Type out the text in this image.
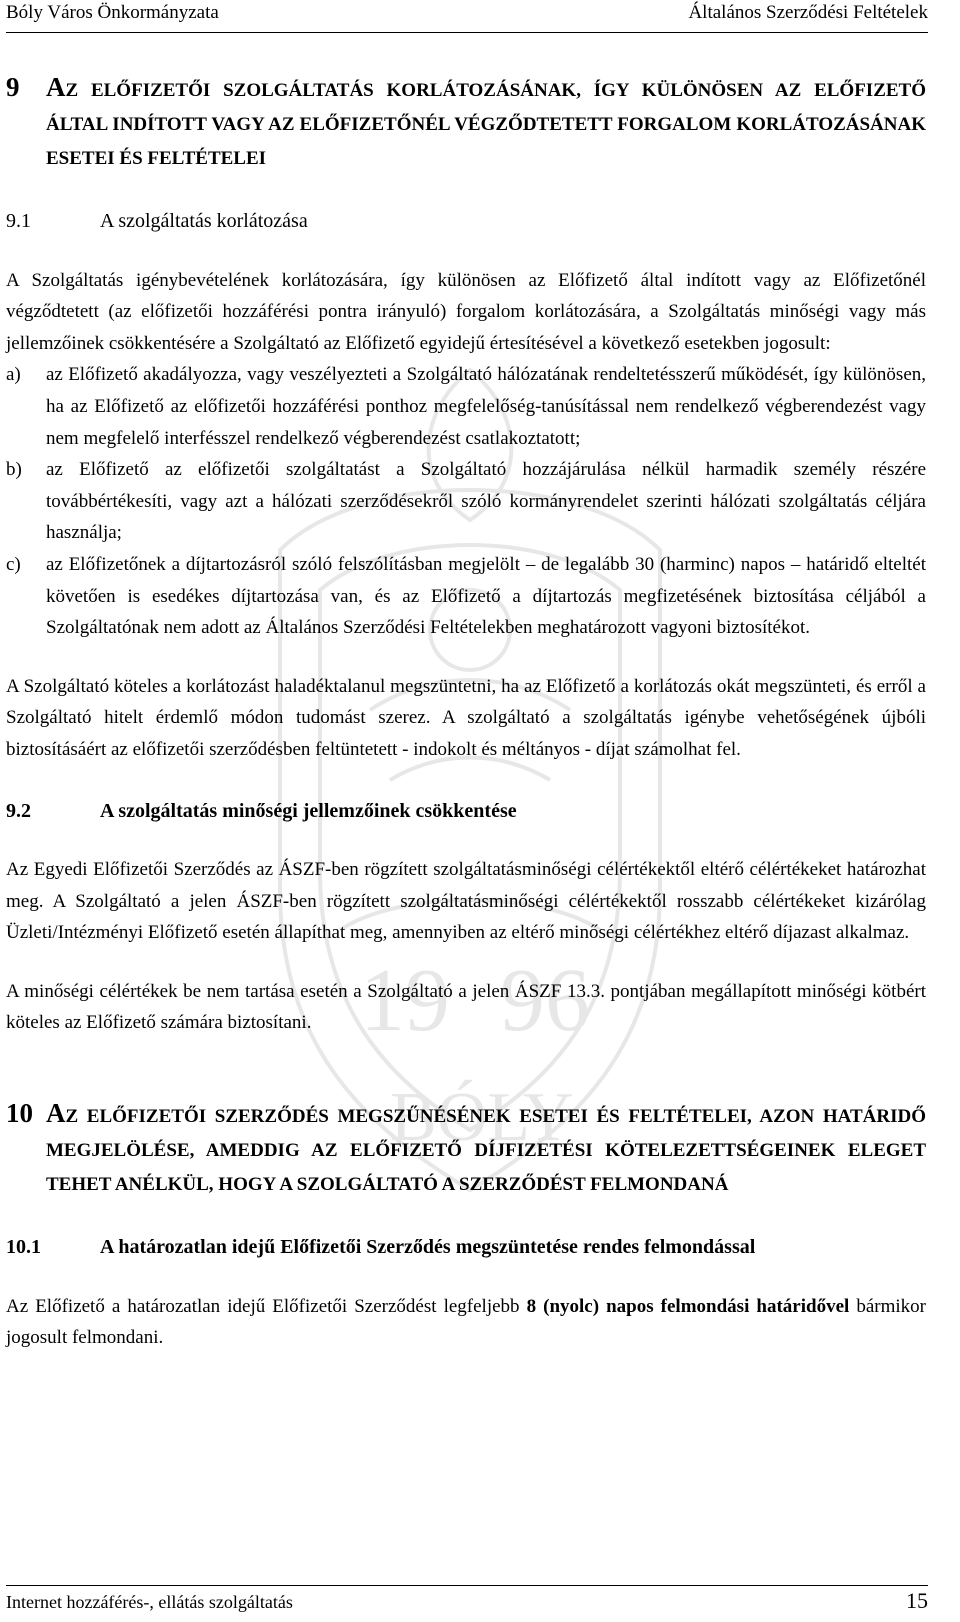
19 96
BÓLY
Bóly Város Önkormányzata	Általános Szerződési Feltételek
9	AZ ELŐFIZETŐI SZOLGÁLTATÁS KORLÁTOZÁSÁNAK, ÍGY KÜLÖNÖSEN AZ ELŐFIZETŐ ÁLTAL INDÍTOTT VAGY AZ ELŐFIZETŐNÉL VÉGZŐDTETETT FORGALOM KORLÁTOZÁSÁNAK ESETEI ÉS FELTÉTELEI
9.1	A szolgáltatás korlátozása

A Szolgáltatás igénybevételének korlátozására, így különösen az Előfizető által indított vagy az Előfizetőnél végződtetett (az előfizetői hozzáférési pontra irányuló) forgalom korlátozására, a Szolgáltatás minőségi vagy más jellemzőinek csökkentésére a Szolgáltató az Előfizető egyidejű értesítésével a következő esetekben jogosult:

a)	az Előfizető akadályozza, vagy veszélyezteti a Szolgáltató hálózatának rendeltetésszerű működését, így különösen, ha az Előfizető az előfizetői hozzáférési ponthoz megfelelőség-tanúsítással nem rendelkező végberendezést vagy nem megfelelő interfésszel rendelkező végberendezést csatlakoztatott;
b)	az Előfizető az előfizetői szolgáltatást a Szolgáltató hozzájárulása nélkül harmadik személy részére továbbértékesíti, vagy azt a hálózati szerződésekről szóló kormányrendelet szerinti hálózati szolgáltatás céljára használja;
c)	az Előfizetőnek a díjtartozásról szóló felszólításban megjelölt – de legalább 30 (harminc) napos – határidő elteltét követően is esedékes díjtartozása van, és az Előfizető a díjtartozás megfizetésének biztosítása céljából a Szolgáltatónak nem adott az Általános Szerződési Feltételekben meghatározott vagyoni biztosítékot.

A Szolgáltató köteles a korlátozást haladéktalanul megszüntetni, ha az Előfizető a korlátozás okát megszünteti, és erről a Szolgáltató hitelt érdemlő módon tudomást szerez. A szolgáltató a szolgáltatás igénybe vehetőségének újbóli biztosításáért az előfizetői szerződésben feltüntetett - indokolt és méltányos - díjat számolhat fel.

9.2	A szolgáltatás minőségi jellemzőinek csökkentése

Az Egyedi Előfizetői Szerződés az ÁSZF-ben rögzített szolgáltatásminőségi célértékektől eltérő célértékeket határozhat meg. A Szolgáltató a jelen ÁSZF-ben rögzített szolgáltatásminőségi célértékektől rosszabb célértékeket kizárólag Üzleti/Intézményi Előfizető esetén állapíthat meg, amennyiben az eltérő minőségi célértékhez eltérő díjazast alkalmaz.

A minőségi célértékek be nem tartása esetén a Szolgáltató a jelen ÁSZF 13.3. pontjában megállapított minőségi kötbért köteles az Előfizető számára biztosítani.

10 AZ ELŐFIZETŐI SZERZŐDÉS MEGSZŰNÉSÉNEK ESETEI ÉS FELTÉTELEI, AZON HATÁRIDŐ MEGJELÖLÉSE, AMEDDIG AZ ELŐFIZETŐ DÍJFIZETÉSI KÖTELEZETTSÉGEINEK ELEGET TEHET ANÉLKÜL, HOGY A SZOLGÁLTATÓ A SZERZŐDÉST FELMONDANÁ
10.1	A határozatlan idejű Előfizetői Szerződés megszüntetése rendes felmondással

Az Előfizető a határozatlan idejű Előfizetői Szerződést legfeljebb 8 (nyolc) napos felmondási határidővel bármikor jogosult felmondani.

Internet hozzáférés-, ellátás szolgáltatás	15
